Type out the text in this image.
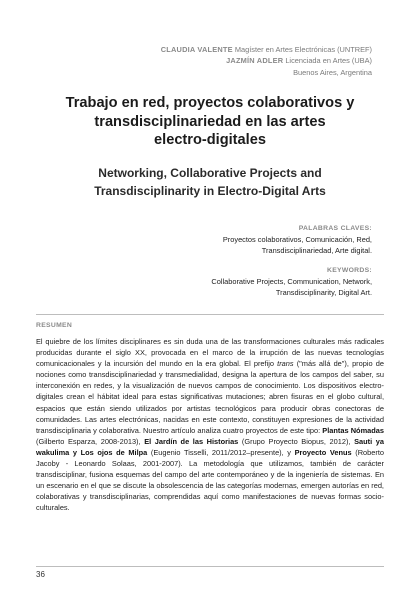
CLAUDIA VALENTE Magíster en Artes Electrónicas (UNTREF)
JAZMÍN ADLER Licenciada en Artes (UBA)
Buenos Aires, Argentina
Trabajo en red, proyectos colaborativos y
transdisciplinariedad en las artes
electro-digitales
Networking, Collaborative Projects and
Transdisciplinarity in Electro-Digital Arts
PALABRAS CLAVES:
Proyectos colaborativos, Comunicación, Red,
Transdisciplinariedad, Arte digital.
KEYWORDS:
Collaborative Projects, Communication, Network,
Transdisciplinarity, Digital Art.
RESUMEN

El quiebre de los límites disciplinares es sin duda una de las transformaciones culturales más radicales producidas durante el siglo XX, provocada en el marco de la irrupción de las nuevas tecnologías comunicacionales y la incursión del mundo en la era global. El prefijo trans ("más allá de"), propio de nociones como transdisciplinariedad y transmedialidad, designa la apertura de los campos del saber, su interconexión en redes, y la visualización de nuevos campos de conocimiento. Los dispositivos electro-digitales crean el hábitat ideal para estas significativas mutaciones; abren fisuras en el globo cultural, espacios que están siendo utilizados por artistas tecnológicos para producir obras conectoras de comunidades. Las artes electrónicas, nacidas en este contexto, constituyen expresiones de la actividad transdisciplinaria y colaborativa. Nuestro artículo analiza cuatro proyectos de este tipo: Plantas Nómadas (Gilberto Esparza, 2008-2013), El Jardín de las Historias (Grupo Proyecto Biopus, 2012), Sauti ya wakulima y Los ojos de Milpa (Eugenio Tisselli, 2011/2012–presente), y Proyecto Venus (Roberto Jacoby - Leonardo Solaas, 2001-2007). La metodología que utilizamos, también de carácter transdisciplinar, fusiona esquemas del campo del arte contemporáneo y de la ingeniería de sistemas. En un escenario en el que se discute la obsolescencia de las categorías modernas, emergen autorías en red, colaborativas y transdisciplinarias, comprendidas aquí como manifestaciones de nuevas formas socio-culturales.

36
